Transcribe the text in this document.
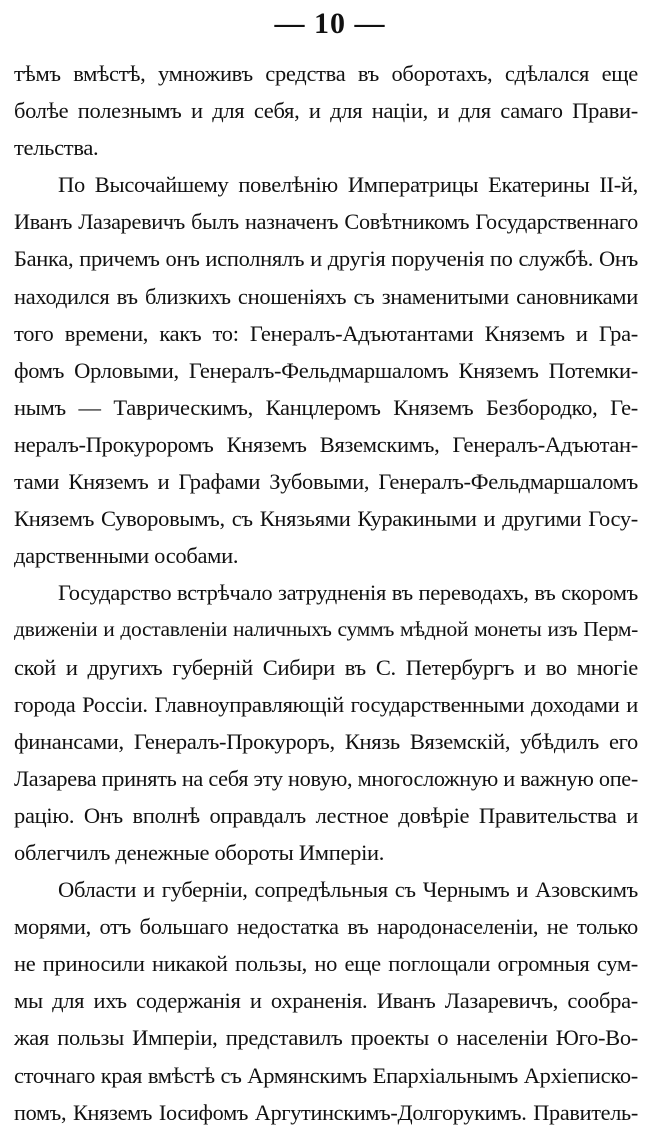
— 10 —
тѣмъ вмѣстѣ, умноживъ средства въ оборотахъ, сдѣлался еще
болѣе полезнымъ и для себя, и для націи, и для самаго Прави-
тельства.
По Высочайшему повелѣнію Императрицы Екатерины II-й,
Иванъ Лазаревичъ былъ назначенъ Совѣтникомъ Государственнаго
Банка, причемъ онъ исполнялъ и другія порученія по службѣ. Онъ
находился въ близкихъ сношеніяхъ съ знаменитыми сановниками
того времени, какъ то: Генералъ-Адъютантами Княземъ и Гра-
фомъ Орловыми, Генералъ-Фельдмаршаломъ Княземъ Потемки-
нымъ — Таврическимъ, Канцлеромъ Княземъ Безбородко, Ге-
нералъ-Прокуроромъ Княземъ Вяземскимъ, Генералъ-Адъютан-
тами Княземъ и Графами Зубовыми, Генералъ-Фельдмаршаломъ
Княземъ Суворовымъ, съ Князьями Куракиными и другими Госу-
дарственными особами.
Государство встрѣчало затрудненія въ переводахъ, въ скоромъ
движеніи и доставленіи наличныхъ суммъ мѣдной монеты изъ Перм-
ской и другихъ губерній Сибири въ С. Петербургъ и во многіе
города Россіи. Главноуправляющій государственными доходами и
финансами, Генералъ-Прокуроръ, Князь Вяземскій, убѣдилъ его
Лазарева принять на себя эту новую, многосложную и важную опе-
рацію. Онъ вполнѣ оправдалъ лестное довѣріе Правительства и
облегчилъ денежные обороты Имперіи.
Области и губерніи, сопредѣльныя съ Чернымъ и Азовскимъ
морями, отъ большаго недостатка въ народонаселеніи, не только
не приносили никакой пользы, но еще поглощали огромныя сум-
мы для ихъ содержанія и охраненія. Иванъ Лазаревичъ, сообра-
жая пользы Имперіи, представилъ проекты о населеніи Юго-Во-
сточнаго края вмѣстѣ съ Армянскимъ Епархіальнымъ Архіеписко-
помъ, Княземъ Іосифомъ Аргутинскимъ-Долгорукимъ. Правитель-
